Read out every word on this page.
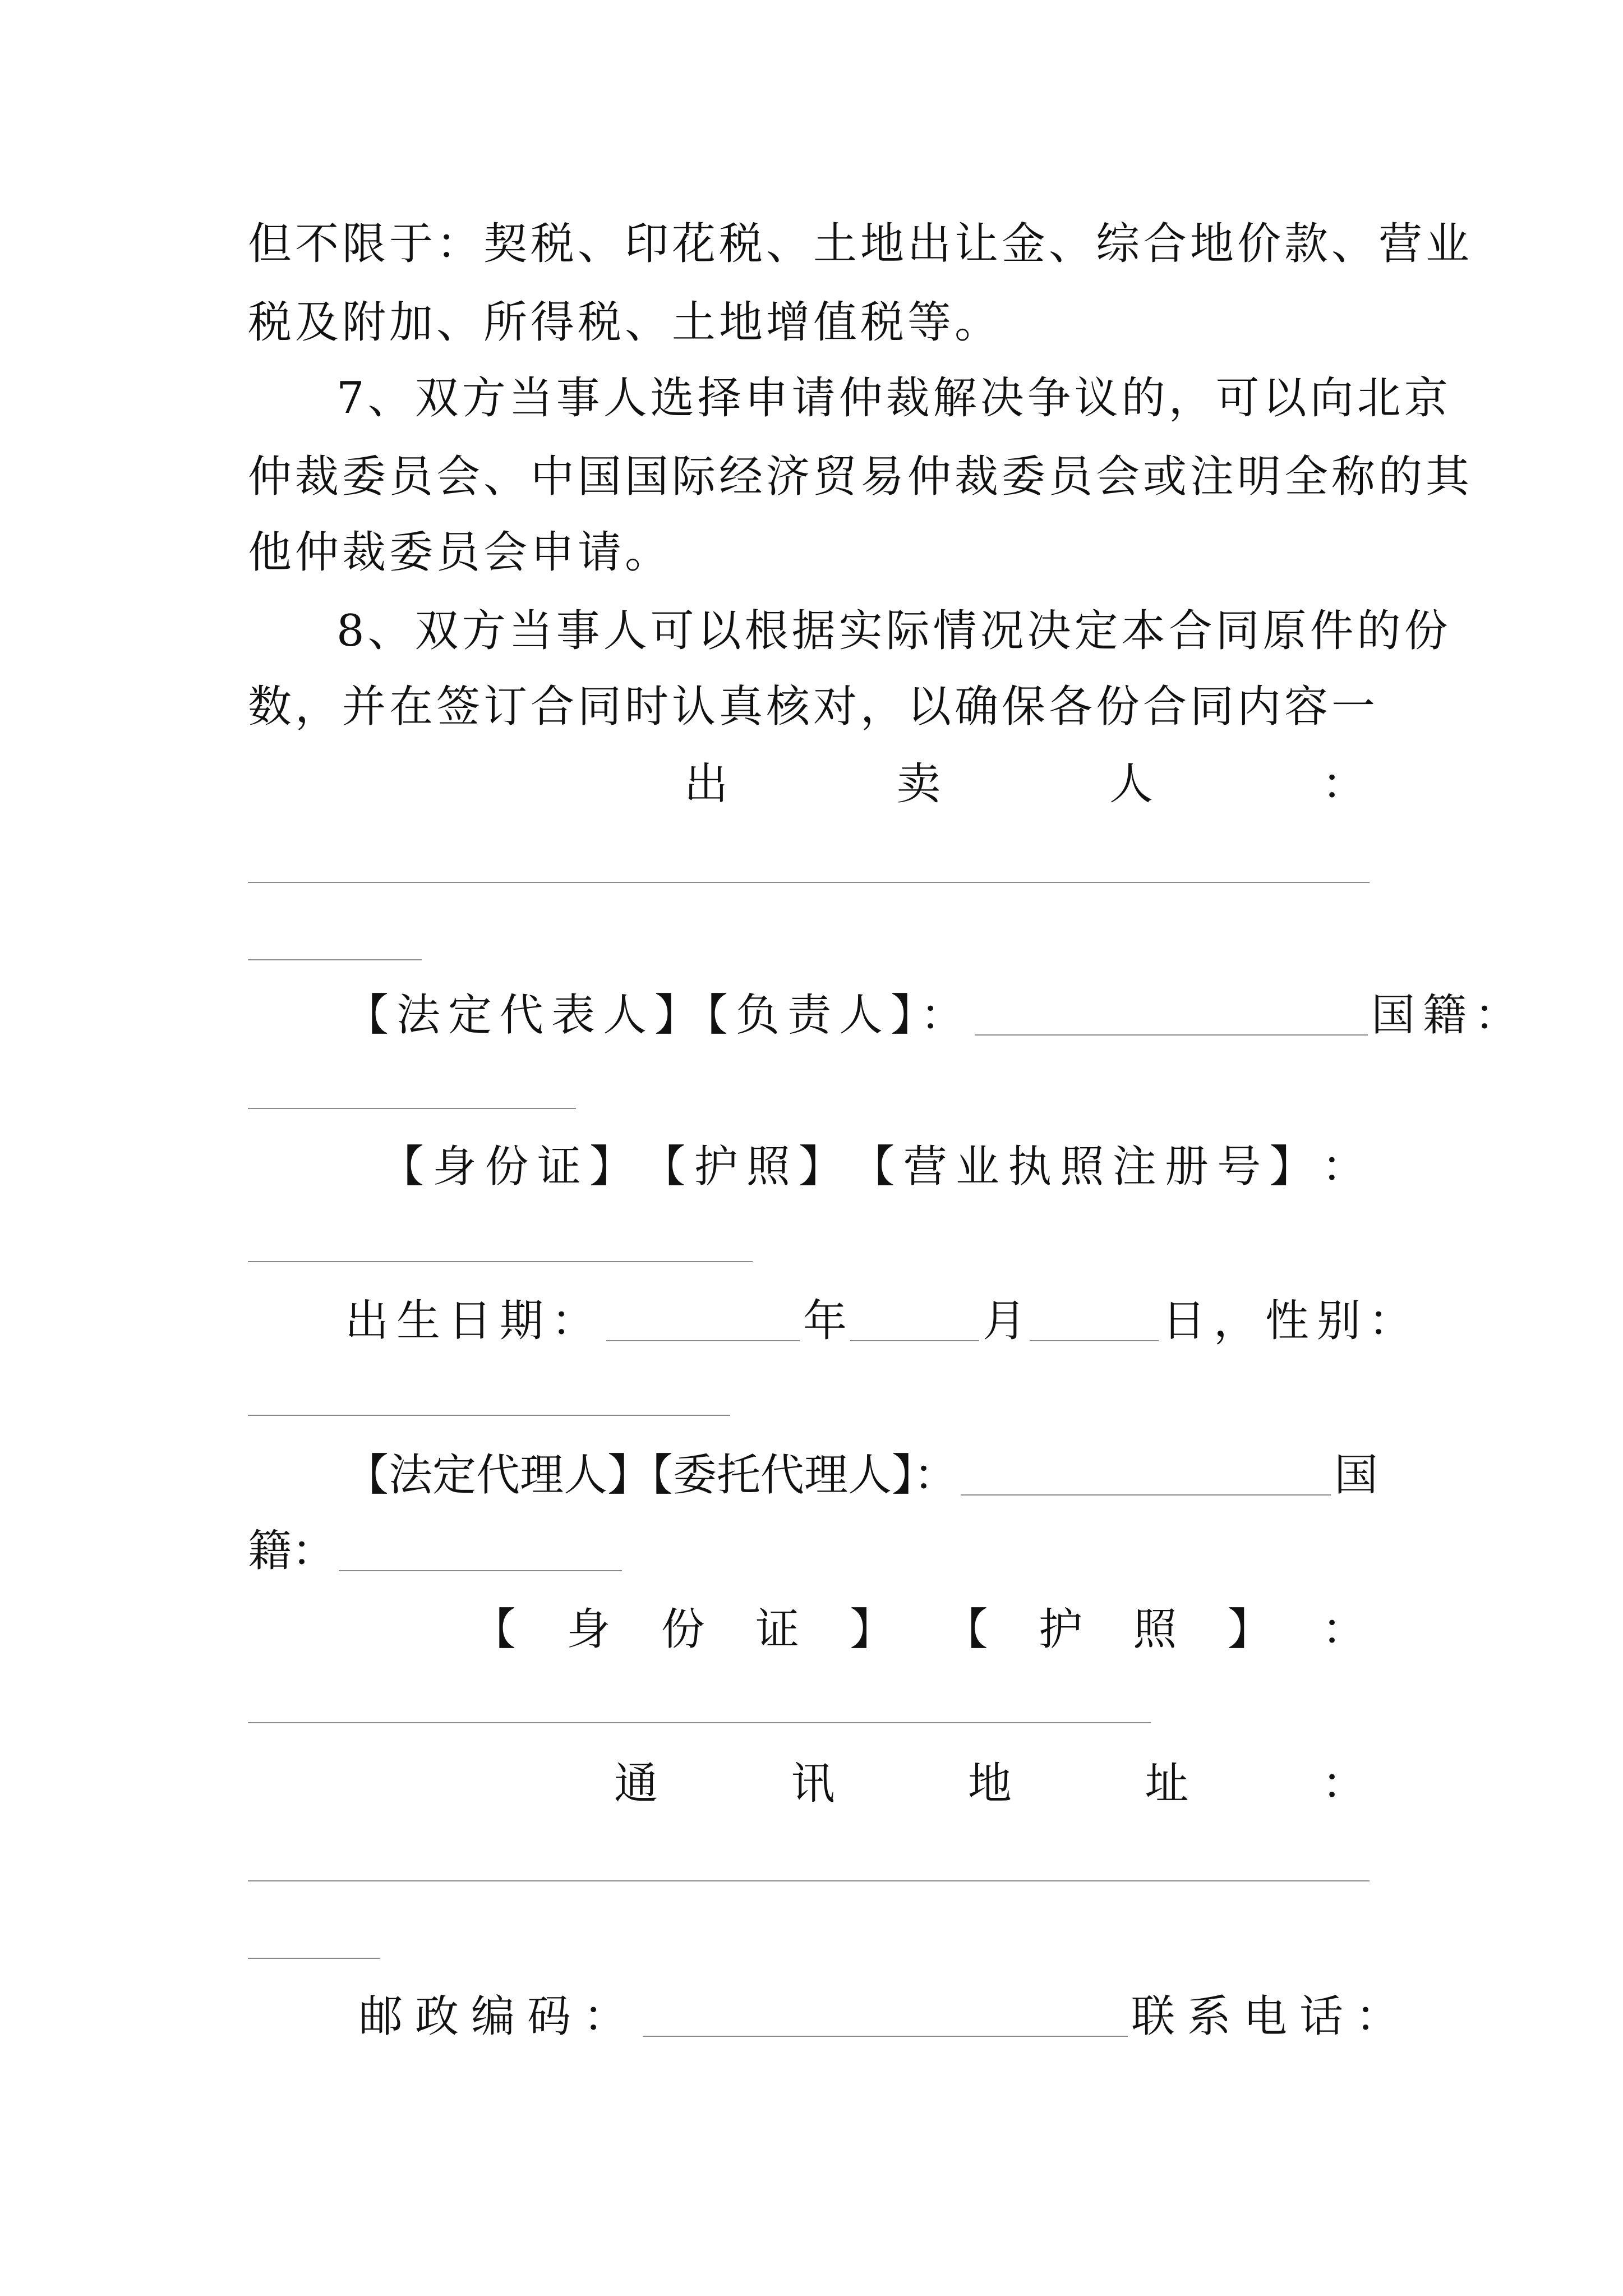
但不限于：契税、印花税、土地出让金、综合地价款、营业
税及附加、所得税、土地增值税等。
7、双方当事人选择申请仲裁解决争议的，可以向北京
仲裁委员会、中国国际经济贸易仲裁委员会或注明全称的其
他仲裁委员会申请。
8、双方当事人可以根据实际情况决定本合同原件的份
数，并在签订合同时认真核对，以确保各份合同内容一
出	卖	人	：
【法定代表人】【负责人】：	国籍：
【 身 份 证 】 【 护 照 】 【 营 业 执 照 注 册 号 】 ：
出生日期：	年	月	日，性别：
【法定代理人】【委托代理人】：	国
籍：
【 身 份 证 】 【 护 照 】 ：
通	讯	地	址	：
邮政编码：	联系电话：
